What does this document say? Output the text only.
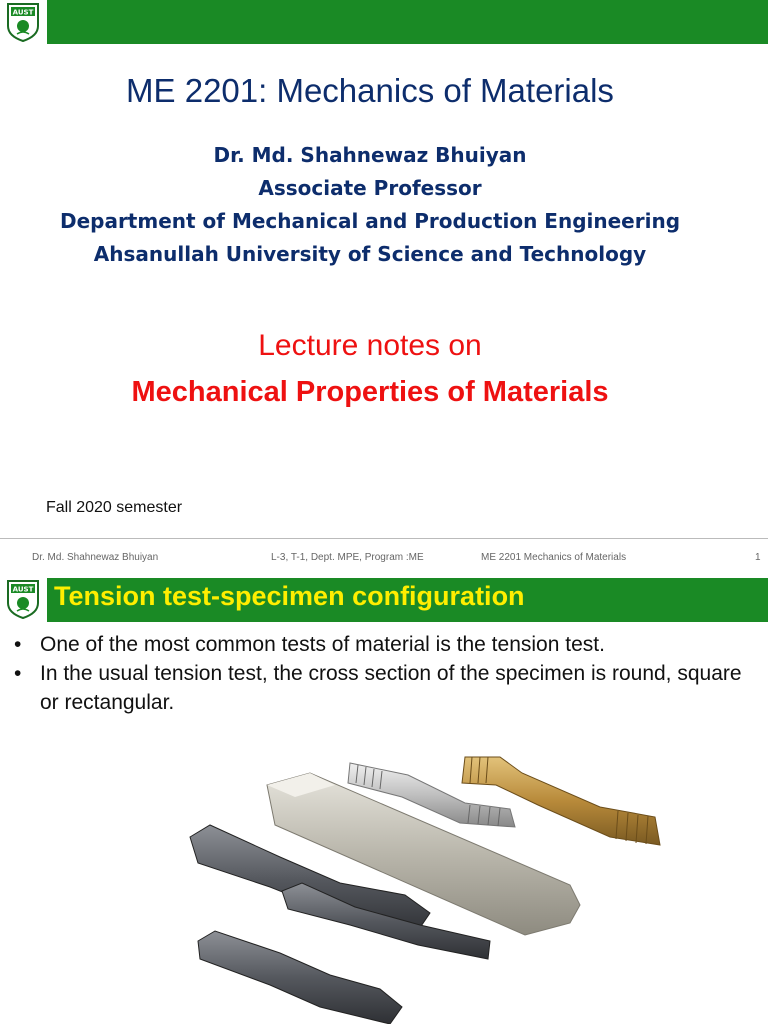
AUST
ME 2201: Mechanics of Materials
Dr. Md. Shahnewaz Bhuiyan
Associate Professor
Department of Mechanical and Production Engineering
Ahsanullah University of Science and Technology
Lecture notes on
Mechanical Properties of Materials
Fall 2020 semester
Dr. Md. Shahnewaz Bhuiyan	L-3, T-1, Dept. MPE, Program :ME	ME 2201 Mechanics of Materials	1
AUST Tension test-specimen configuration
• One of the most common tests of material is the tension test.
• In the usual tension test, the cross section of the specimen is round, square or rectangular.
